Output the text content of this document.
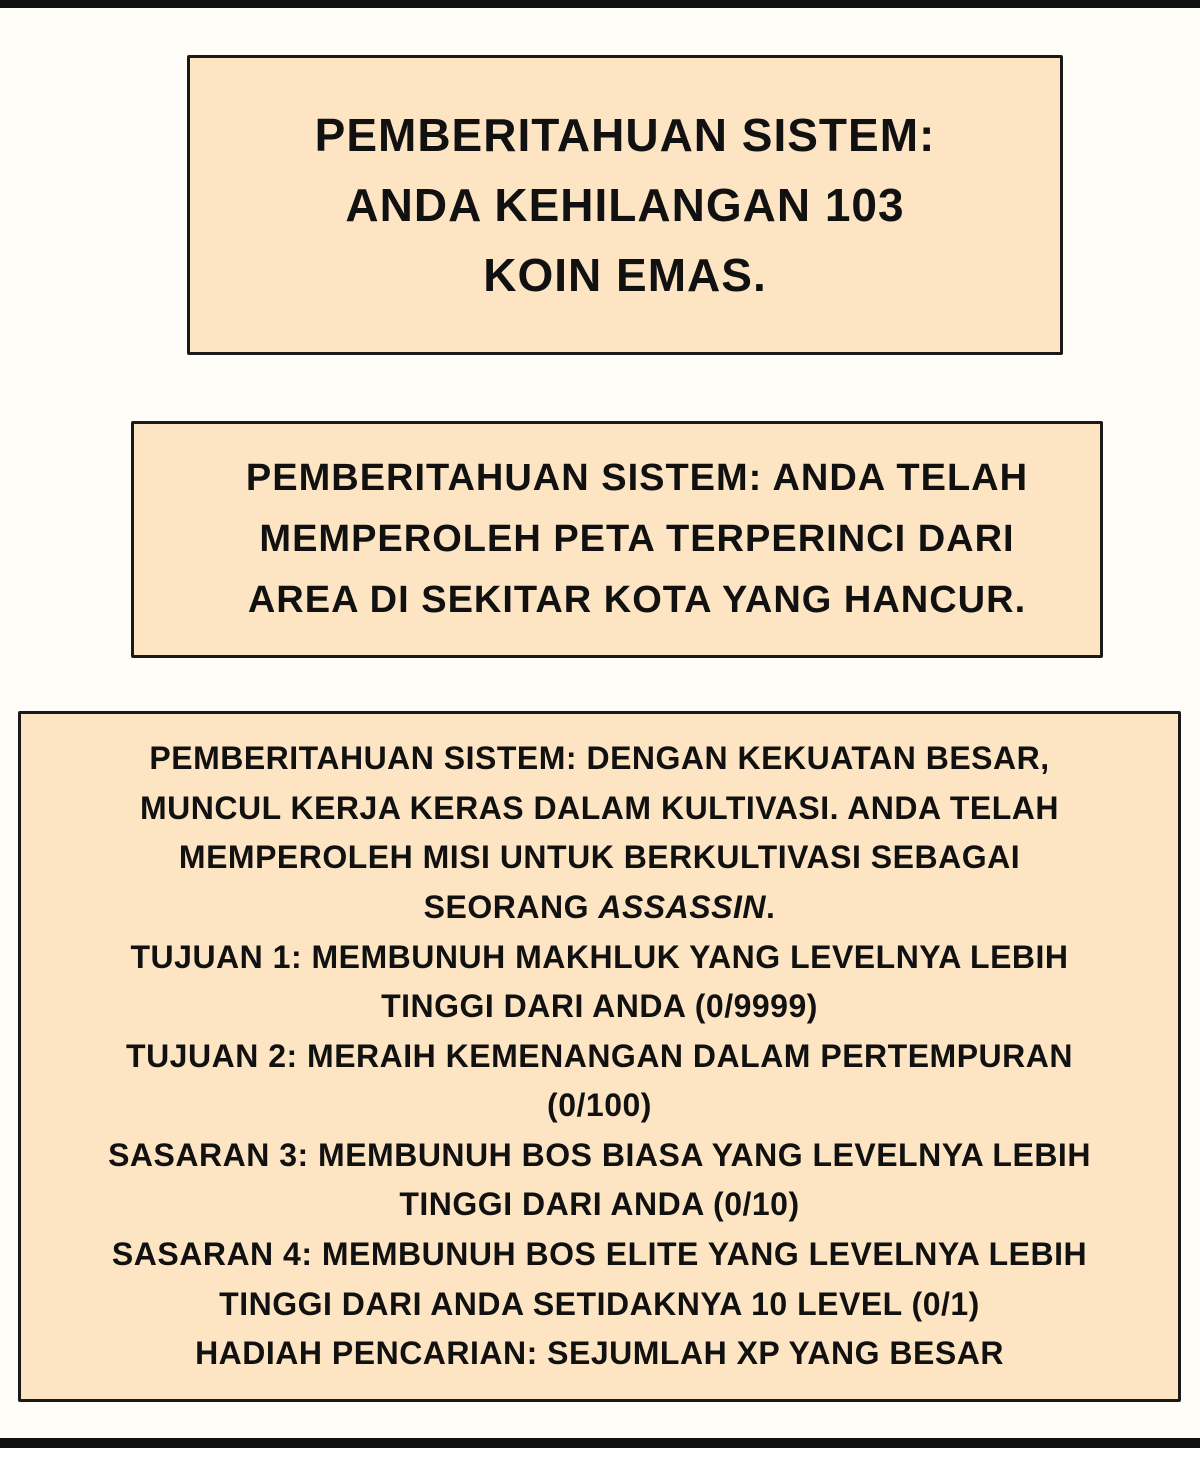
PEMBERITAHUAN SISTEM:
ANDA KEHILANGAN 103
KOIN EMAS.
PEMBERITAHUAN SISTEM: ANDA TELAH
MEMPEROLEH PETA TERPERINCI DARI
AREA DI SEKITAR KOTA YANG HANCUR.
PEMBERITAHUAN SISTEM: DENGAN KEKUATAN BESAR,
MUNCUL KERJA KERAS DALAM KULTIVASI. ANDA TELAH
MEMPEROLEH MISI UNTUK BERKULTIVASI SEBAGAI
SEORANG ASSASSIN.
TUJUAN 1: MEMBUNUH MAKHLUK YANG LEVELNYA LEBIH
TINGGI DARI ANDA (0/9999)
TUJUAN 2: MERAIH KEMENANGAN DALAM PERTEMPURAN
(0/100)
SASARAN 3: MEMBUNUH BOS BIASA YANG LEVELNYA LEBIH
TINGGI DARI ANDA (0/10)
SASARAN 4: MEMBUNUH BOS ELITE YANG LEVELNYA LEBIH
TINGGI DARI ANDA SETIDAKNYA 10 LEVEL (0/1)
HADIAH PENCARIAN: SEJUMLAH XP YANG BESAR
